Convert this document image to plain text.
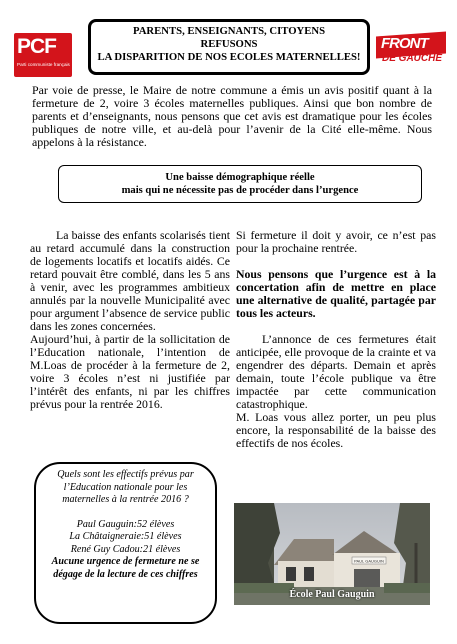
PCF
Parti communiste français
FRONT
DE GAUCHE
PARENTS, ENSEIGNANTS, CITOYENS
REFUSONS
LA DISPARITION DE NOS ECOLES MATERNELLES!
Par voie de presse, le Maire de notre commune a émis un avis positif quant à la fermeture de 2, voire 3 écoles maternelles publiques. Ainsi que bon nombre de parents et d’enseignants, nous pensons que cet avis est dramatique pour les écoles publiques de notre ville, et au-delà pour l’avenir de la Cité elle-même. Nous appelons à la résistance.
Une baisse démographique réelle
mais qui ne nécessite pas de procéder dans l’urgence

La baisse des enfants scolarisés tient au retard accumulé dans la construction de logements locatifs et locatifs aidés. Ce retard pouvait être comblé, dans les 5 ans à venir, avec les programmes ambitieux annulés par la nouvelle Municipalité avec pour argument l’absence de service public dans les zones concernées.

Aujourd’hui, à partir de la sollicitation de l’Education nationale, l’intention de M.Loas de procéder à la fermeture de 2, voire 3 écoles n’est ni justifiée par l’intérêt des enfants, ni par les chiffres prévus pour la rentrée 2016.

Si fermeture il doit y avoir, ce n’est pas pour la prochaine rentrée.

Nous pensons que l’urgence est à la concertation afin de mettre en place une alternative de qualité, partagée par tous les acteurs.

L’annonce de ces fermetures était anticipée, elle provoque de la crainte et va engendrer des départs. Demain et après demain, toute l’école publique va être impactée par cette communication catastrophique.

M. Loas vous allez porter, un peu plus encore, la responsabilité de la baisse des effectifs de nos écoles.

Quels sont les effectifs prévus par l’Education nationale pour les maternelles à la rentrée 2016 ?

Paul Gauguin:52 élèves

La Châtaigneraie:51 élèves

René Guy Cadou:21 élèves

Aucune urgence de fermeture ne se dégage de la lecture de ces chiffres

PAUL GAUGUIN
École Paul Gauguin
